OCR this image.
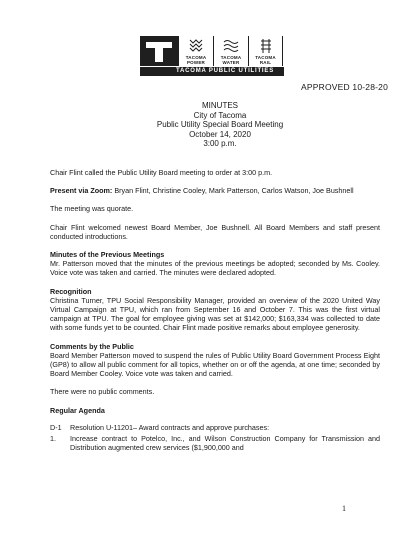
TACOMA POWER
TACOMA WATER
TACOMA RAIL
TACOMA PUBLIC UTILITIES
APPROVED 10-28-20
MINUTES
City of Tacoma
Public Utility Special Board Meeting
October 14, 2020
3:00 p.m.

Chair Flint called the Public Utility Board meeting to order at 3:00 p.m.

Present via Zoom: Bryan Flint, Christine Cooley, Mark Patterson, Carlos Watson, Joe Bushnell

The meeting was quorate.

Chair Flint welcomed newest Board Member, Joe Bushnell. All Board Members and staff present conducted introductions.

Minutes of the Previous Meetings
Mr. Patterson moved that the minutes of the previous meetings be adopted; seconded by Ms. Cooley. Voice vote was taken and carried. The minutes were declared adopted.

Recognition
Christina Turner, TPU Social Responsibility Manager, provided an overview of the 2020 United Way Virtual Campaign at TPU, which ran from September 16 and October 7. This was the first virtual campaign at TPU. The goal for employee giving was set at $142,000; $163,334 was collected to date with some funds yet to be counted. Chair Flint made positive remarks about employee generosity.

Comments by the Public
Board Member Patterson moved to suspend the rules of Public Utility Board Government Process Eight (GP8) to allow all public comment for all topics, whether on or off the agenda, at one time; seconded by Board Member Cooley. Voice vote was taken and carried.

There were no public comments.

Regular Agenda

D-1	Resolution U-11201– Award contracts and approve purchases:
1.	Increase contract to Potelco, Inc., and Wilson Construction Company for Transmission and Distribution augmented crew services ($1,900,000 and
1
